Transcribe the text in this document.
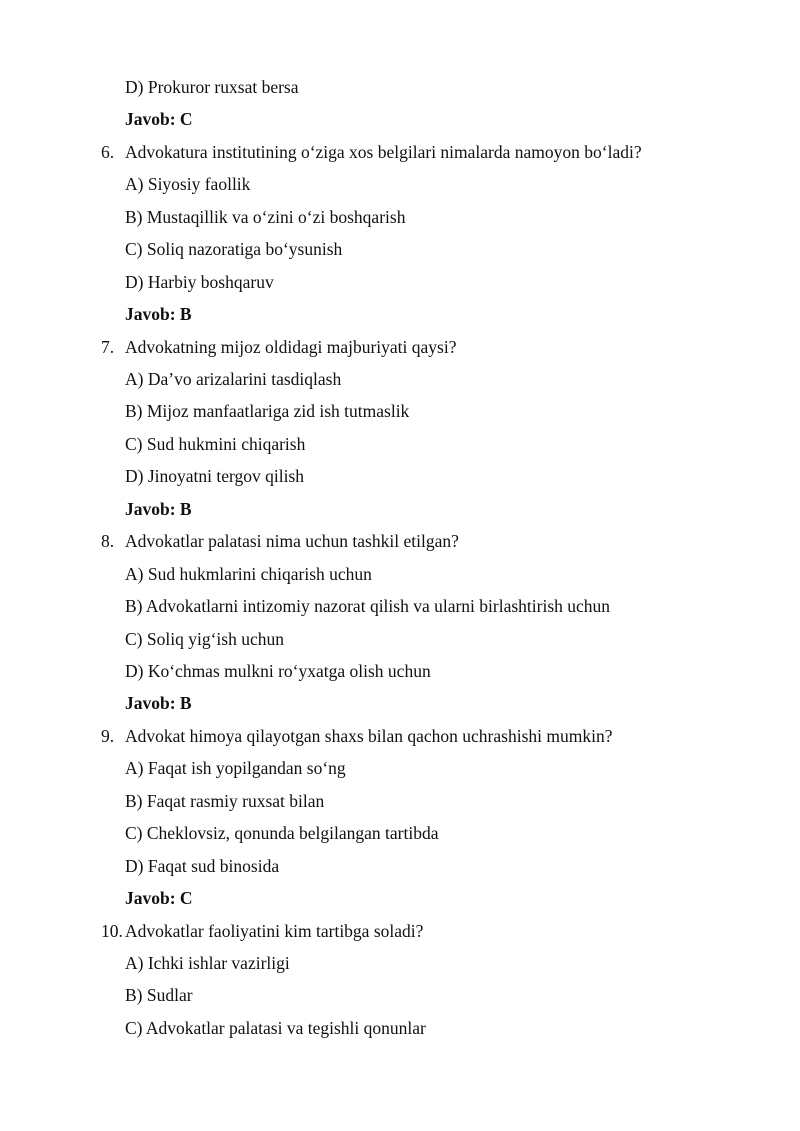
D) Prokuror ruxsat bersa
Javob: C
6. Advokatura institutining o‘ziga xos belgilari nimalarda namoyon bo‘ladi?
A) Siyosiy faollik
B) Mustaqillik va o‘zini o‘zi boshqarish
C) Soliq nazoratiga bo‘ysunish
D) Harbiy boshqaruv
Javob: B
7. Advokatning mijoz oldidagi majburiyati qaysi?
A) Da’vo arizalarini tasdiqlash
B) Mijoz manfaatlariga zid ish tutmaslik
C) Sud hukmini chiqarish
D) Jinoyatni tergov qilish
Javob: B
8. Advokatlar palatasi nima uchun tashkil etilgan?
A) Sud hukmlarini chiqarish uchun
B) Advokatlarni intizomiy nazorat qilish va ularni birlashtirish uchun
C) Soliq yig‘ish uchun
D) Ko‘chmas mulkni ro‘yxatga olish uchun
Javob: B
9. Advokat himoya qilayotgan shaxs bilan qachon uchrashishi mumkin?
A) Faqat ish yopilgandan so‘ng
B) Faqat rasmiy ruxsat bilan
C) Cheklovsiz, qonunda belgilangan tartibda
D) Faqat sud binosida
Javob: C
10. Advokatlar faoliyatini kim tartibga soladi?
A) Ichki ishlar vazirligi
B) Sudlar
C) Advokatlar palatasi va tegishli qonunlar
